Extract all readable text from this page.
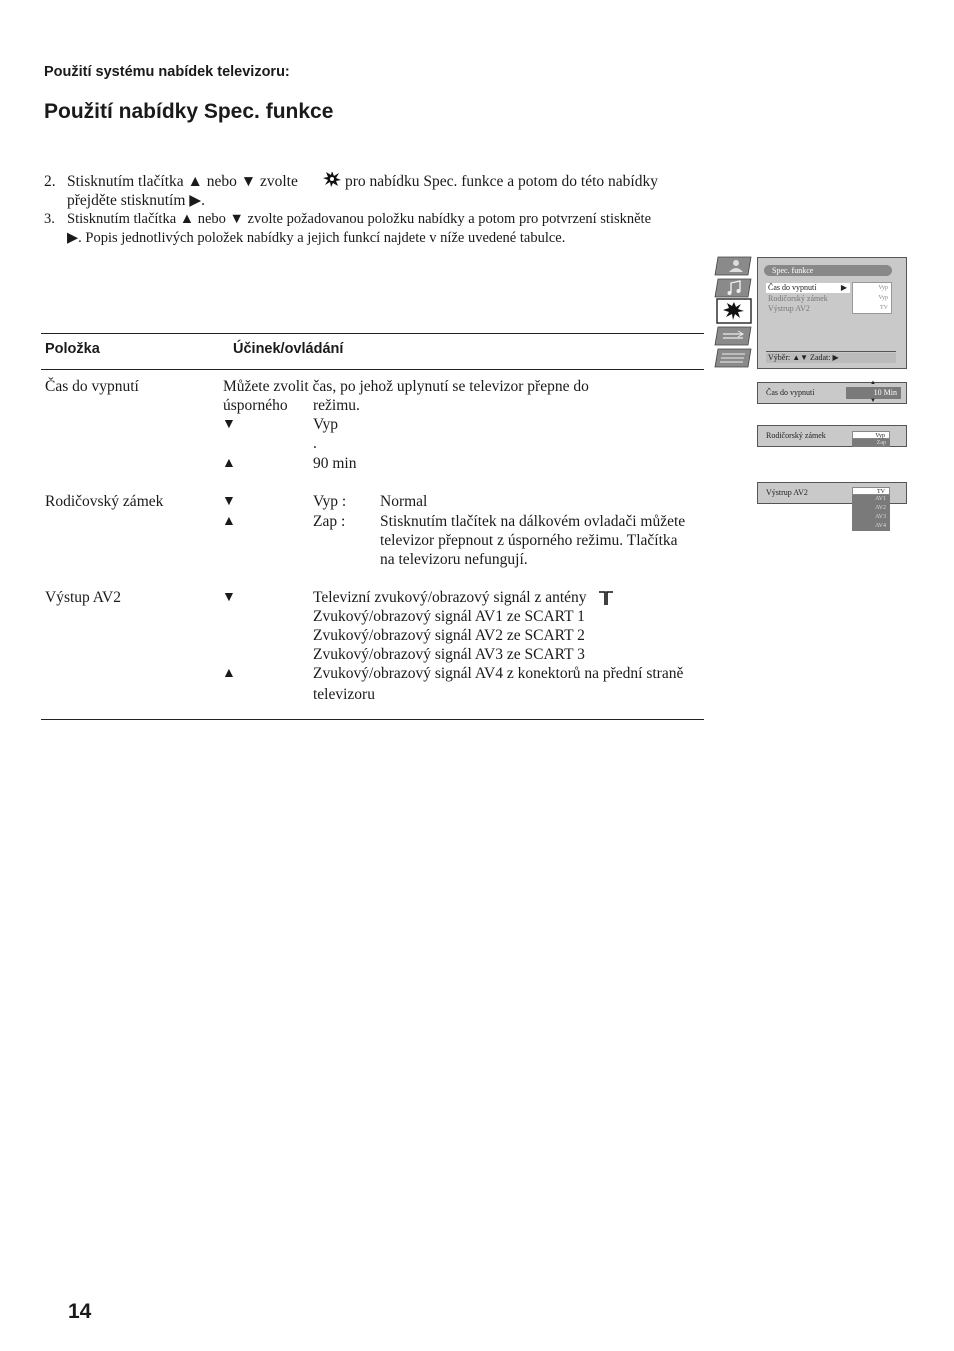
Použití systému nabídek televizoru:
Použití nabídky Spec. funkce
2. Stisknutím tlačítka ▲ nebo ▼ zvolte	pro nabídku Spec. funkce a potom do této nabídky
přejděte stisknutím ▶.
3. Stisknutím tlačítka ▲ nebo ▼ zvolte požadovanou položku nabídky a potom pro potvrzení stiskněte
▶. Popis jednotlivých položek nabídky a jejich funkcí najdete v níže uvedené tabulce.
Položka	Účinek/ovládání
Čas do vypnutí	Můžete zvolit čas, po jehož uplynutí se televizor přepne do
úsporného režimu.
▼	Vyp
.
▲	90 min
Rodičovský zámek	▼	Vyp : Normal
▲	Zap : Stisknutím tlačítek na dálkovém ovladači můžete
televizor přepnout z úsporného režimu. Tlačítka
na televizoru nefungují.
Výstup AV2	▼	Televizní zvukový/obrazový signál z antény
Zvukový/obrazový signál AV1 ze SCART 1
Zvukový/obrazový signál AV2 ze SCART 2
Zvukový/obrazový signál AV3 ze SCART 3
▲	Zvukový/obrazový signál AV4 z konektorů na přední straně
televizoru
Spec. funkce
Čas do vypnutí	▶
Rodičorský zámek
Výstrup AV2
Vyp
Vyp
TV
Výběr: ▲▼ Zadat: ▶
Čas do vypnutí	10 Min
▲
▼
Rodičorský zámek	Vyp
Zap
Výstrup AV2	TV
AV1
AV2
AV3
AV4
14
